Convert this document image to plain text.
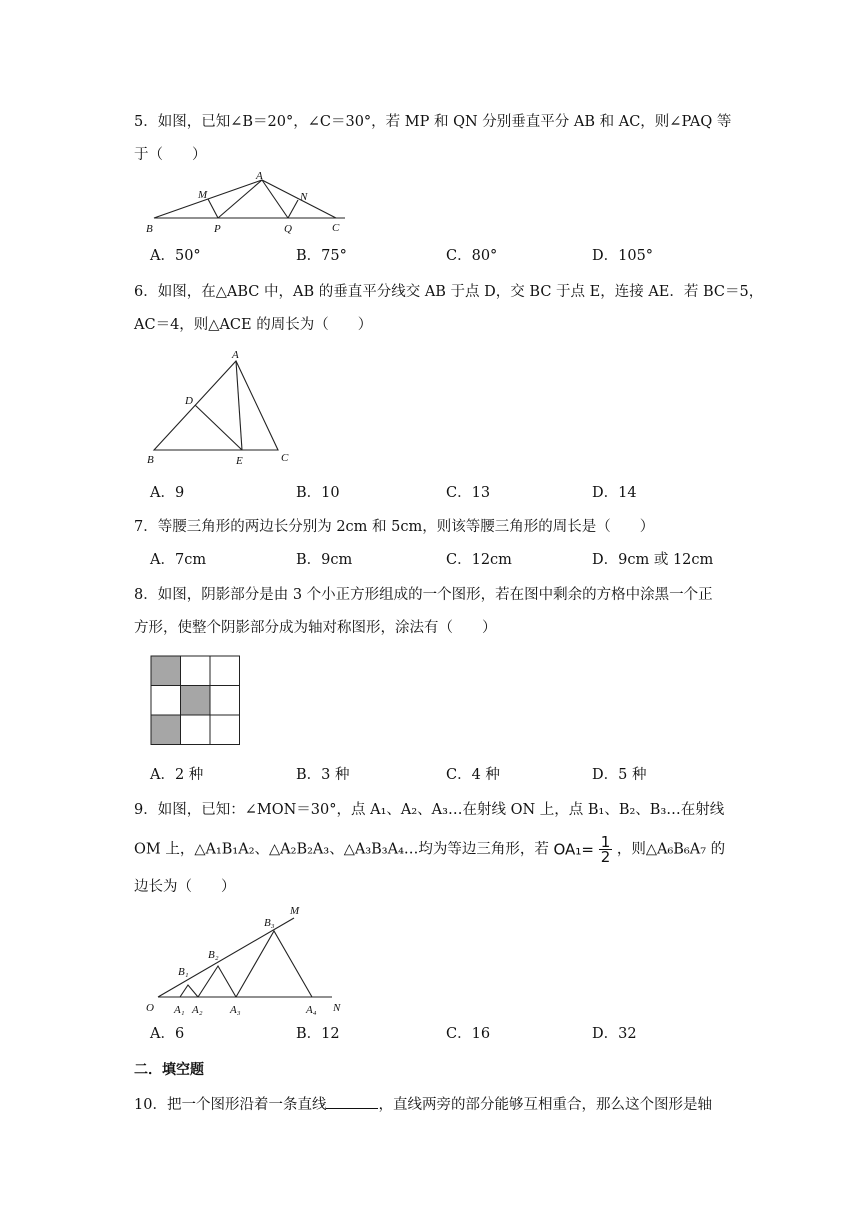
5．如图，已知∠B＝20°，∠C＝30°，若 MP 和 QN 分别垂直平分 AB 和 AC，则∠PAQ 等
于（　　）
A
B	C
M	N
P	Q
A．50°	B．75°	C．80°	D．105°
6．如图，在△ABC 中，AB 的垂直平分线交 AB 于点 D，交 BC 于点 E，连接 AE．若 BC＝5，
AC＝4，则△ACE 的周长为（　　）
A
B	C
D
E
A．9	B．10	C．13	D．14
7．等腰三角形的两边长分别为 2cm 和 5cm，则该等腰三角形的周长是（　　）
A．7cm	B．9cm	C．12cm	D．9cm 或 12cm
8．如图，阴影部分是由 3 个小正方形组成的一个图形，若在图中剩余的方格中涂黑一个正
方形，使整个阴影部分成为轴对称图形，涂法有（　　）
A．2 种	B．3 种	C．4 种	D．5 种
9．如图，已知：∠MON＝30°，点 A₁、A₂、A₃…在射线 ON 上，点 B₁、B₂、B₃…在射线
OM 上，△A₁B₁A₂、△A₂B₂A₃、△A₃B₃A₄…均为等边三角形，若 $OA_1= \frac{1}{2}$ ，则△A₆B₆A₇ 的
边长为（　　）
O
M
N
A₁ A₂ A₃	A₄
B₁
B₂
B₃
A．6	B．12	C．16	D．32
二．填空题
10．把一个图形沿着一条直线	，直线两旁的部分能够互相重合，那么这个图形是轴
